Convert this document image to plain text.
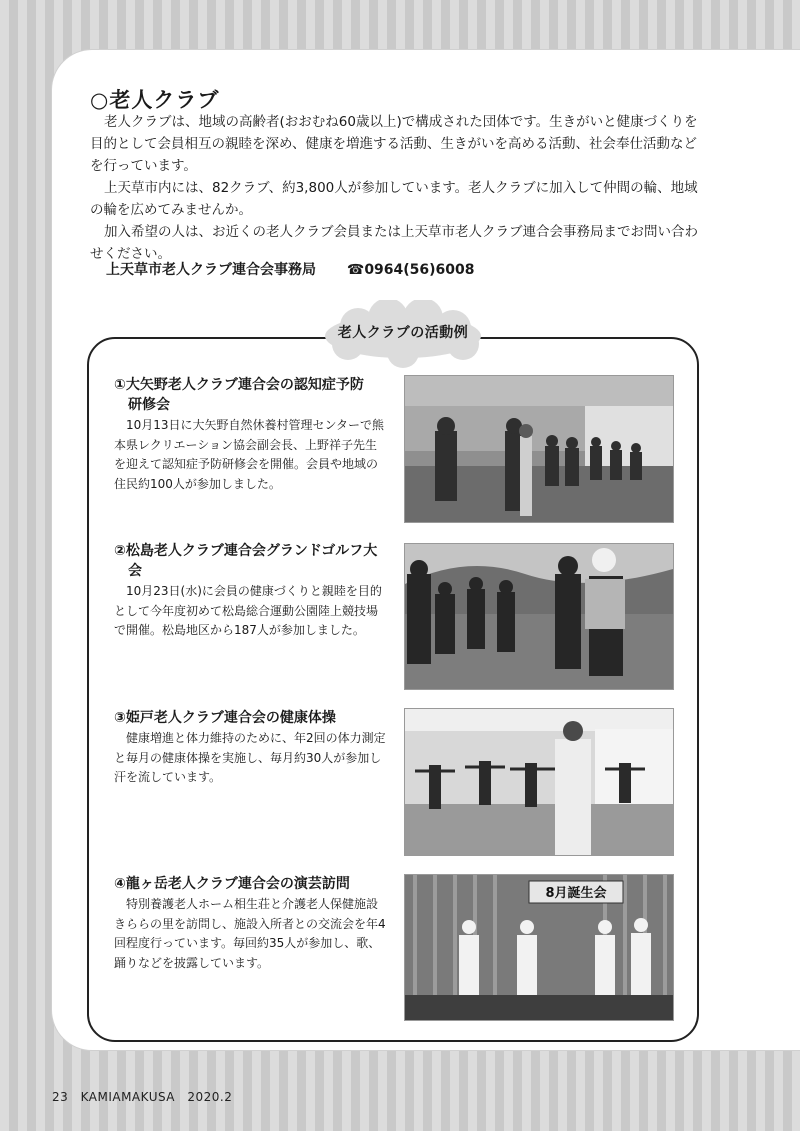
○老人クラブ

老人クラブは、地域の高齢者(おおむね60歳以上)で構成された団体です。生きがいと健康づくりを目的として会員相互の親睦を深め、健康を増進する活動、生きがいを高める活動、社会奉仕活動などを行っています。

上天草市内には、82クラブ、約3,800人が参加しています。老人クラブに加入して仲間の輪、地域の輪を広めてみませんか。

加入希望の人は、お近くの老人クラブ会員または上天草市老人クラブ連合会事務局までお問い合わせください。

上天草市老人クラブ連合会事務局 ☎0964(56)6008
老人クラブの活動例
①大矢野老人クラブ連合会の認知症予防
研修会
10月13日に大矢野自然休養村管理センターで熊本県レクリエーション協会副会長、上野祥子先生を迎えて認知症予防研修会を開催。会員や地域の住民約100人が参加しました。
②松島老人クラブ連合会グランドゴルフ大
会
10月23日(水)に会員の健康づくりと親睦を目的として今年度初めて松島総合運動公園陸上競技場で開催。松島地区から187人が参加しました。
③姫戸老人クラブ連合会の健康体操
健康増進と体力維持のために、年2回の体力測定と毎月の健康体操を実施し、毎月約30人が参加し汗を流しています。
④龍ヶ岳老人クラブ連合会の演芸訪問
特別養護老人ホーム相生荘と介護老人保健施設きららの里を訪問し、施設入所者との交流会を年4回程度行っています。毎回約35人が参加し、歌、踊りなどを披露しています。
8月誕生会
23 KAMIAMAKUSA 2020.2
